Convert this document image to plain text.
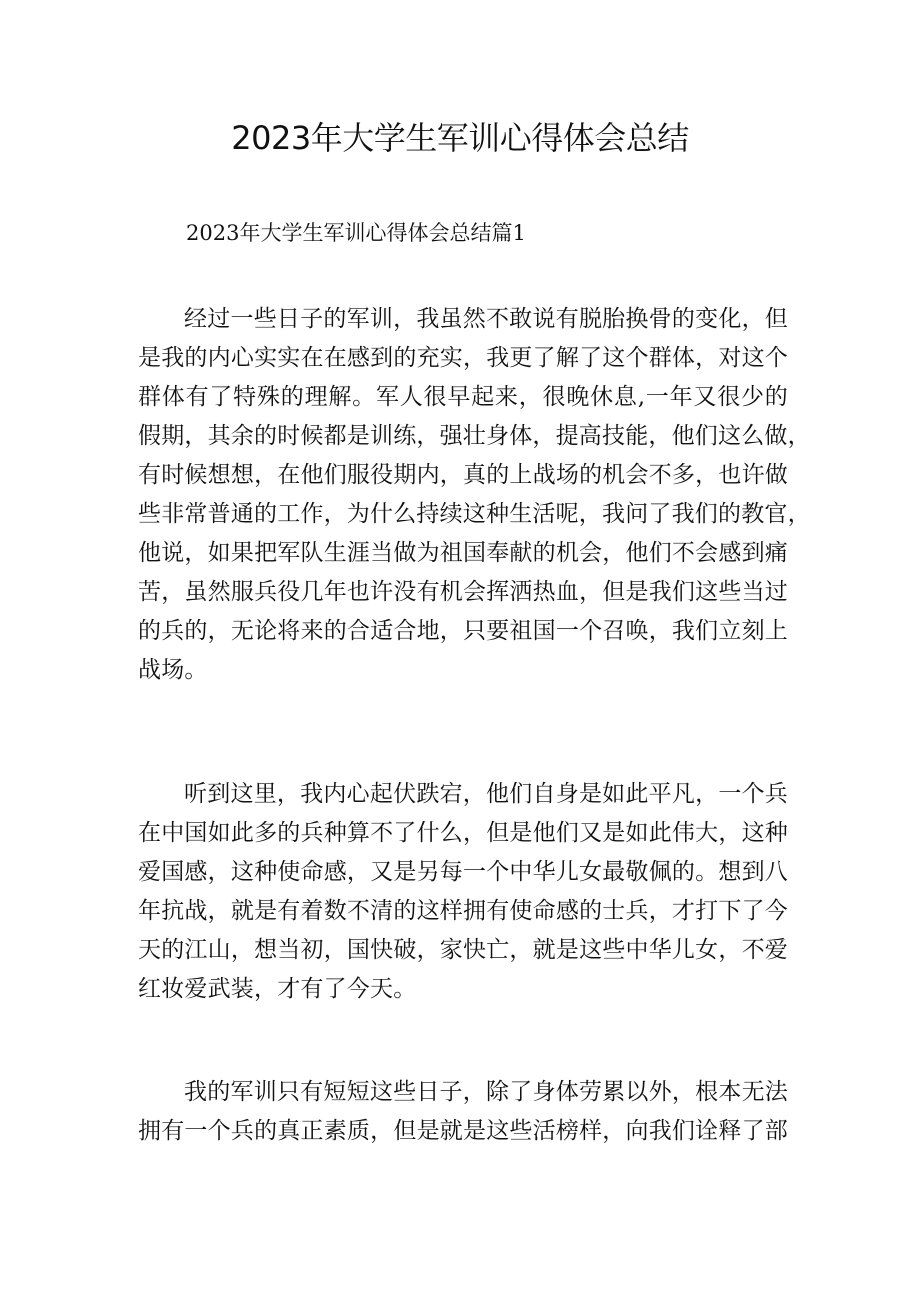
2023年大学生军训心得体会总结

2023年大学生军训心得体会总结篇1

经过一些日子的军训，我虽然不敢说有脱胎换骨的变化，但
是我的内心实实在在感到的充实，我更了解了这个群体，对这个
群体有了特殊的理解。军人很早起来，很晚休息,一年又很少的
假期，其余的时候都是训练，强壮身体，提高技能，他们这么做，
有时候想想，在他们服役期内，真的上战场的机会不多，也许做
些非常普通的工作，为什么持续这种生活呢，我问了我们的教官，
他说，如果把军队生涯当做为祖国奉献的机会，他们不会感到痛
苦，虽然服兵役几年也许没有机会挥洒热血，但是我们这些当过
的兵的，无论将来的合适合地，只要祖国一个召唤，我们立刻上
战场。
听到这里，我内心起伏跌宕，他们自身是如此平凡，一个兵
在中国如此多的兵种算不了什么，但是他们又是如此伟大，这种
爱国感，这种使命感，又是另每一个中华儿女最敬佩的。想到八
年抗战，就是有着数不清的这样拥有使命感的士兵，才打下了今
天的江山，想当初，国快破，家快亡，就是这些中华儿女，不爱
红妆爱武装，才有了今天。
我的军训只有短短这些日子，除了身体劳累以外，根本无法
拥有一个兵的真正素质，但是就是这些活榜样，向我们诠释了部
